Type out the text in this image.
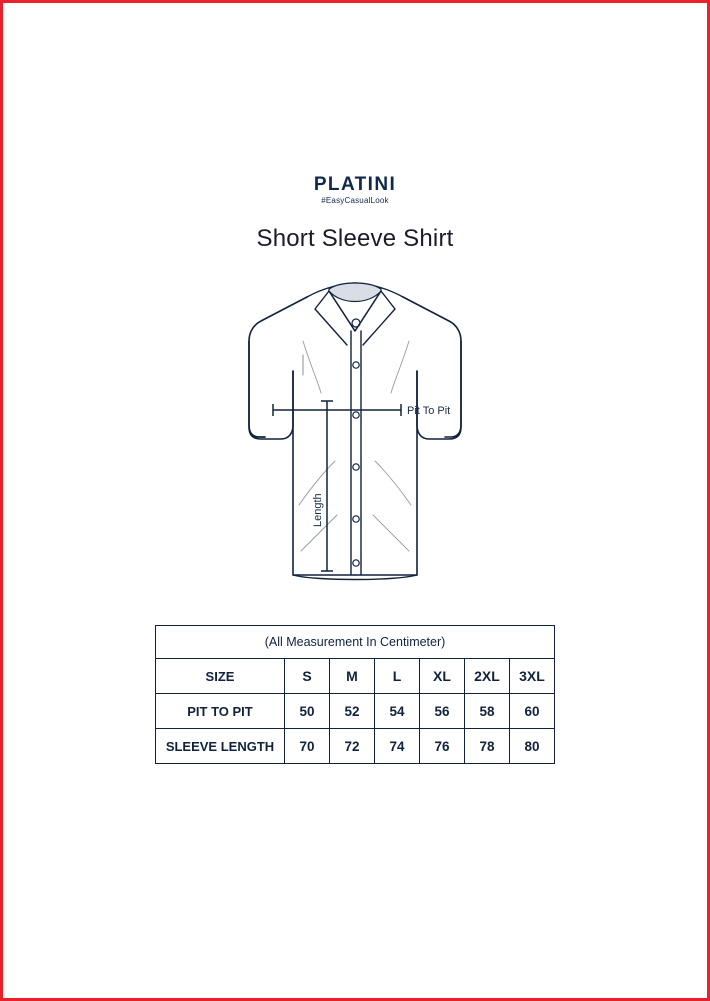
PLATINI
#EasyCasualLook
Short Sleeve Shirt
Pit To Pit
Length
(All Measurement In Centimeter)						
SIZE	S	M	L	XL	2XL	3XL
PIT TO PIT	50	52	54	56	58	60
SLEEVE LENGTH	70	72	74	76	78	80
